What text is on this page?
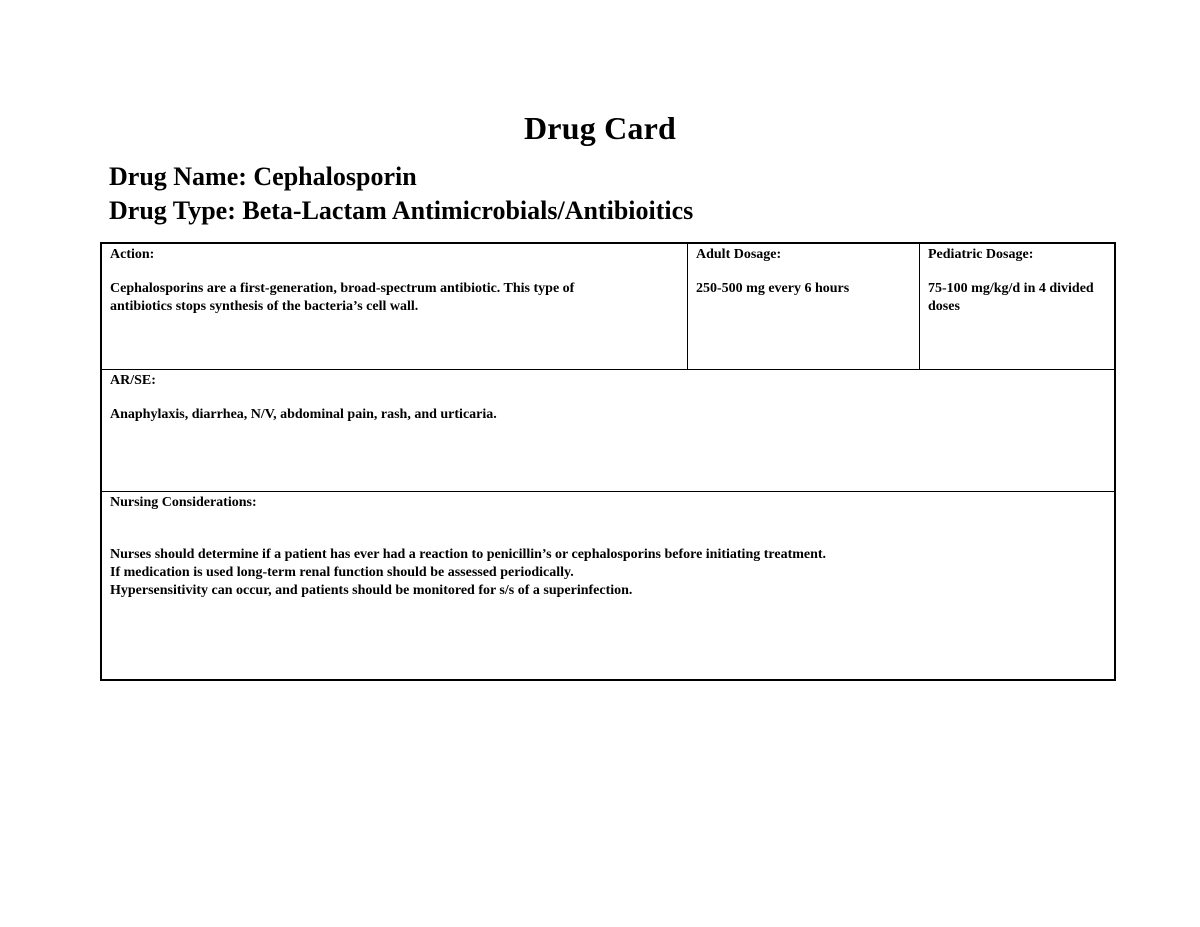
Drug Card
Drug Name: Cephalosporin
Drug Type: Beta-Lactam Antimicrobials/Antibioitics
Action:
Cephalosporins are a first-generation, broad-spectrum antibiotic. This type of antibiotics stops synthesis of the bacteria’s cell wall.
Adult Dosage:
250-500 mg every 6 hours
Pediatric Dosage:
75-100 mg/kg/d in 4 divided doses
AR/SE:
Anaphylaxis, diarrhea, N/V, abdominal pain, rash, and urticaria.
Nursing Considerations:
Nurses should determine if a patient has ever had a reaction to penicillin’s or cephalosporins before initiating treatment.
If medication is used long-term renal function should be assessed periodically.
Hypersensitivity can occur, and patients should be monitored for s/s of a superinfection.
